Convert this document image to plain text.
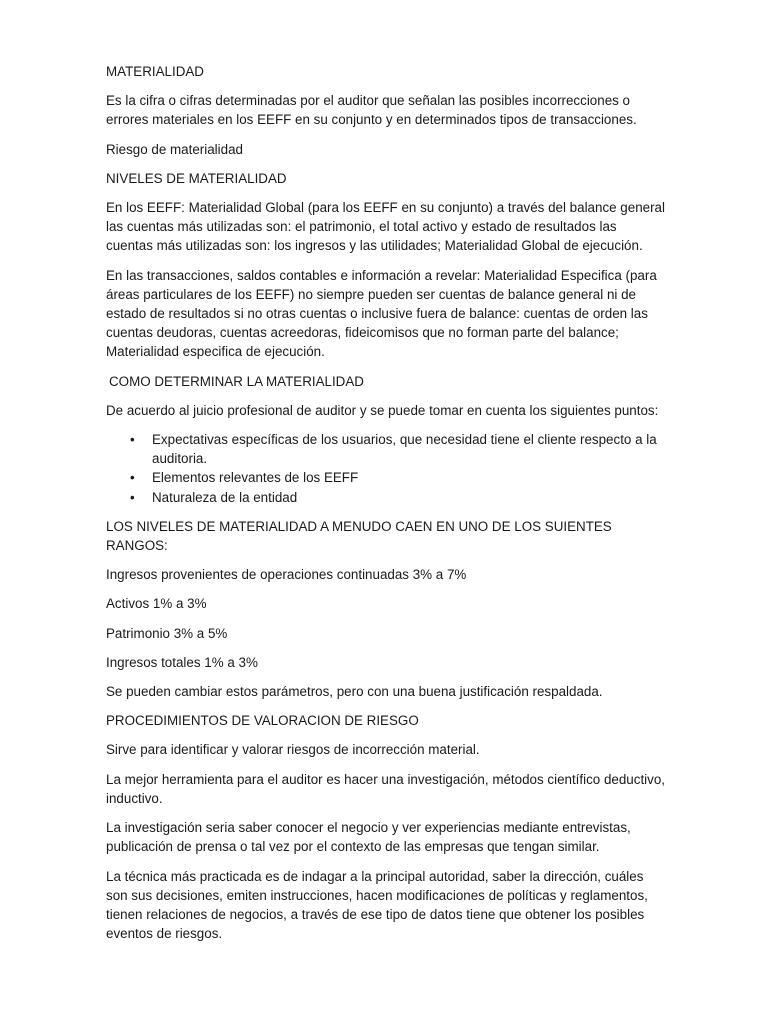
MATERIALIDAD

Es la cifra o cifras determinadas por el auditor que señalan las posibles incorrecciones o errores materiales en los EEFF en su conjunto y en determinados tipos de transacciones.

Riesgo de materialidad

NIVELES DE MATERIALIDAD

En los EEFF: Materialidad Global (para los EEFF en su conjunto) a través del balance general las cuentas más utilizadas son: el patrimonio, el total activo y estado de resultados las cuentas más utilizadas son: los ingresos y las utilidades; Materialidad Global de ejecución.

En las transacciones, saldos contables e información a revelar: Materialidad Especifica (para áreas particulares de los EEFF) no siempre pueden ser cuentas de balance general ni de estado de resultados si no otras cuentas o inclusive fuera de balance: cuentas de orden las cuentas deudoras, cuentas acreedoras, fideicomisos que no forman parte del balance; Materialidad especifica de ejecución.

COMO DETERMINAR LA MATERIALIDAD

De acuerdo al juicio profesional de auditor y se puede tomar en cuenta los siguientes puntos:

• Expectativas específicas de los usuarios, que necesidad tiene el cliente respecto a la auditoria.
• Elementos relevantes de los EEFF
• Naturaleza de la entidad

LOS NIVELES DE MATERIALIDAD A MENUDO CAEN EN UNO DE LOS SUIENTES RANGOS:

Ingresos provenientes de operaciones continuadas 3% a 7%

Activos 1% a 3%

Patrimonio 3% a 5%

Ingresos totales 1% a 3%

Se pueden cambiar estos parámetros, pero con una buena justificación respaldada.

PROCEDIMIENTOS DE VALORACION DE RIESGO

Sirve para identificar y valorar riesgos de incorrección material.

La mejor herramienta para el auditor es hacer una investigación, métodos científico deductivo, inductivo.

La investigación seria saber conocer el negocio y ver experiencias mediante entrevistas, publicación de prensa o tal vez por el contexto de las empresas que tengan similar.

La técnica más practicada es de indagar a la principal autoridad, saber la dirección, cuáles son sus decisiones, emiten instrucciones, hacen modificaciones de políticas y reglamentos, tienen relaciones de negocios, a través de ese tipo de datos tiene que obtener los posibles eventos de riesgos.
